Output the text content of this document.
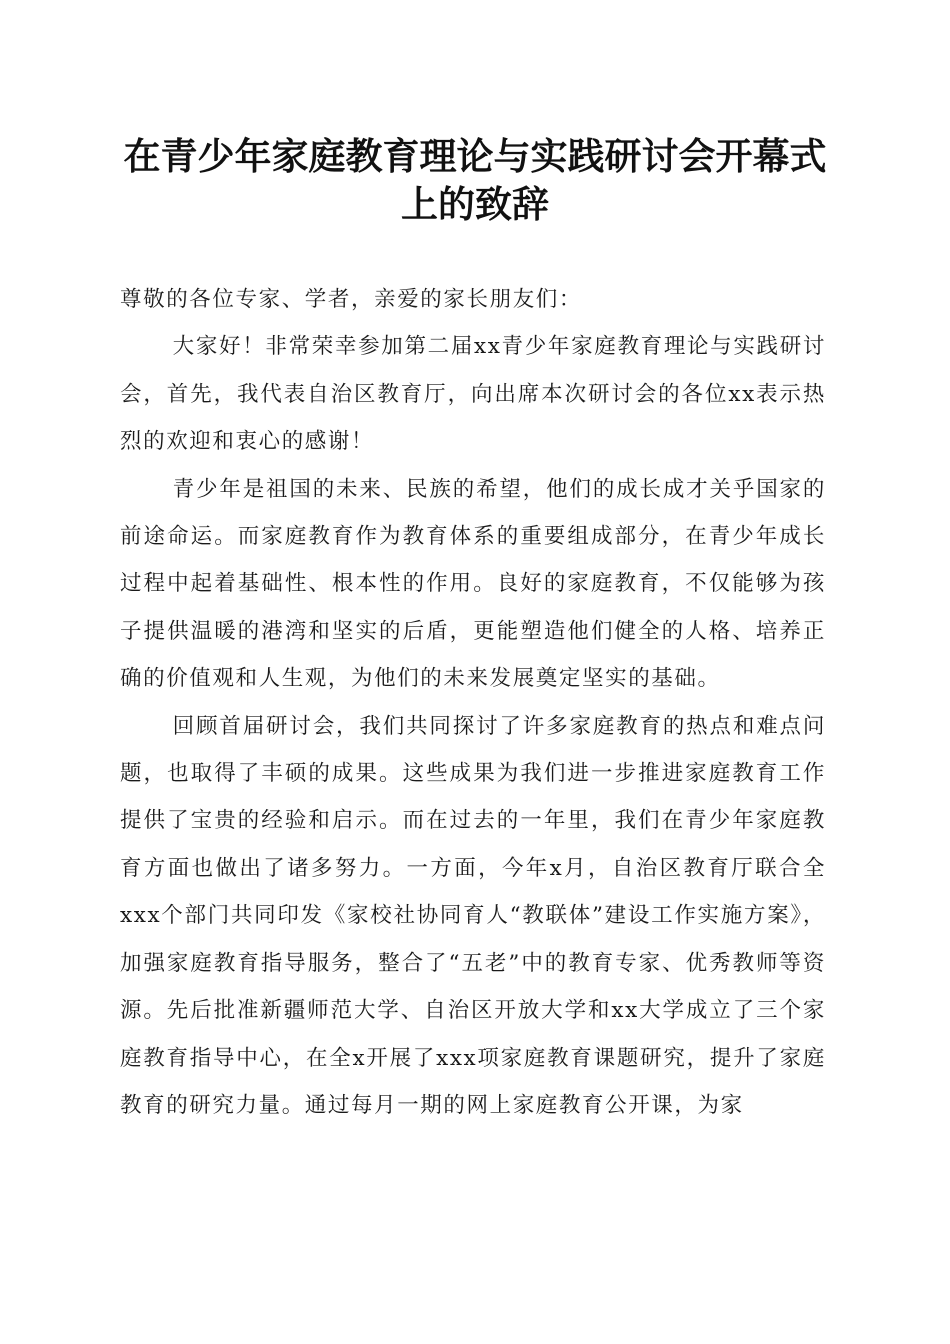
在青少年家庭教育理论与实践研讨会开幕式上的致辞

尊敬的各位专家、学者，亲爱的家长朋友们：

大家好！非常荣幸参加第二届xx青少年家庭教育理论与实践研讨会，首先，我代表自治区教育厅，向出席本次研讨会的各位xx表示热烈的欢迎和衷心的感谢！

青少年是祖国的未来、民族的希望，他们的成长成才关乎国家的前途命运。而家庭教育作为教育体系的重要组成部分，在青少年成长过程中起着基础性、根本性的作用。良好的家庭教育，不仅能够为孩子提供温暖的港湾和坚实的后盾，更能塑造他们健全的人格、培养正确的价值观和人生观，为他们的未来发展奠定坚实的基础。

回顾首届研讨会，我们共同探讨了许多家庭教育的热点和难点问题，也取得了丰硕的成果。这些成果为我们进一步推进家庭教育工作提供了宝贵的经验和启示。而在过去的一年里，我们在青少年家庭教育方面也做出了诸多努力。一方面，今年x月，自治区教育厅联合全xxx个部门共同印发《家校社协同育人“教联体”建设工作实施方案》，加强家庭教育指导服务，整合了“五老”中的教育专家、优秀教师等资源。先后批准新疆师范大学、自治区开放大学和xx大学成立了三个家庭教育指导中心，在全x开展了xxx项家庭教育课题研究，提升了家庭教育的研究力量。通过每月一期的网上家庭教育公开课，为家
